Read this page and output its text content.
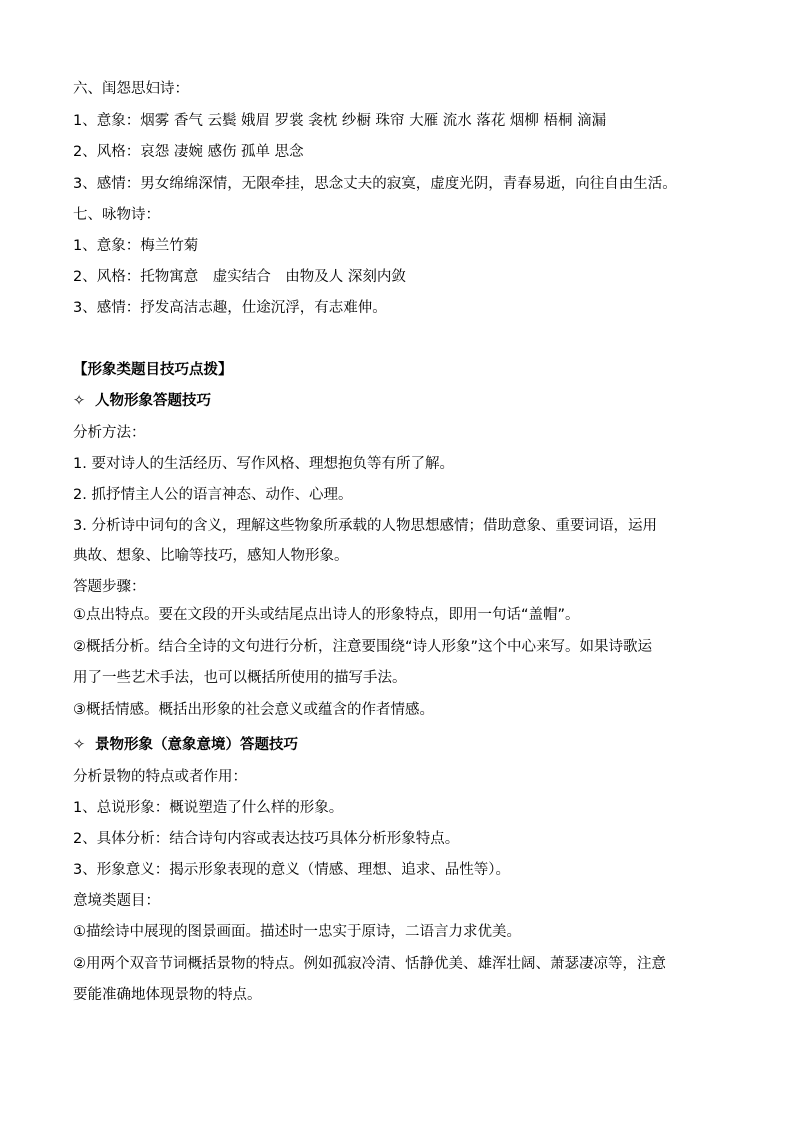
六、闺怨思妇诗：
1、意象：烟雾 香气 云鬓 娥眉 罗裳 衾枕 纱橱 珠帘 大雁 流水 落花 烟柳 梧桐 滴漏
2、风格：哀怨 凄婉 感伤 孤单 思念
3、感情：男女绵绵深情，无限牵挂，思念丈夫的寂寞，虚度光阴，青春易逝，向往自由生活。
七、咏物诗：
1、意象：梅兰竹菊
2、风格：托物寓意　虚实结合　由物及人 深刻内敛
3、感情：抒发高洁志趣，仕途沉浮，有志难伸。
【形象类题目技巧点拨】
✧ 人物形象答题技巧
分析方法：
1. 要对诗人的生活经历、写作风格、理想抱负等有所了解。
2. 抓抒情主人公的语言神态、动作、心理。
3. 分析诗中词句的含义，理解这些物象所承载的人物思想感情；借助意象、重要词语，运用
典故、想象、比喻等技巧，感知人物形象。
答题步骤：
①点出特点。要在文段的开头或结尾点出诗人的形象特点，即用一句话“盖帽”。
②概括分析。结合全诗的文句进行分析，注意要围绕“诗人形象”这个中心来写。如果诗歌运
用了一些艺术手法，也可以概括所使用的描写手法。
③概括情感。概括出形象的社会意义或蕴含的作者情感。
✧ 景物形象（意象意境）答题技巧
分析景物的特点或者作用：
1、总说形象：概说塑造了什么样的形象。
2、具体分析：结合诗句内容或表达技巧具体分析形象特点。
3、形象意义：揭示形象表现的意义（情感、理想、追求、品性等）。
意境类题目：
①描绘诗中展现的图景画面。描述时一忠实于原诗，二语言力求优美。
②用两个双音节词概括景物的特点。例如孤寂冷清、恬静优美、雄浑壮阔、萧瑟凄凉等，注意
要能准确地体现景物的特点。
